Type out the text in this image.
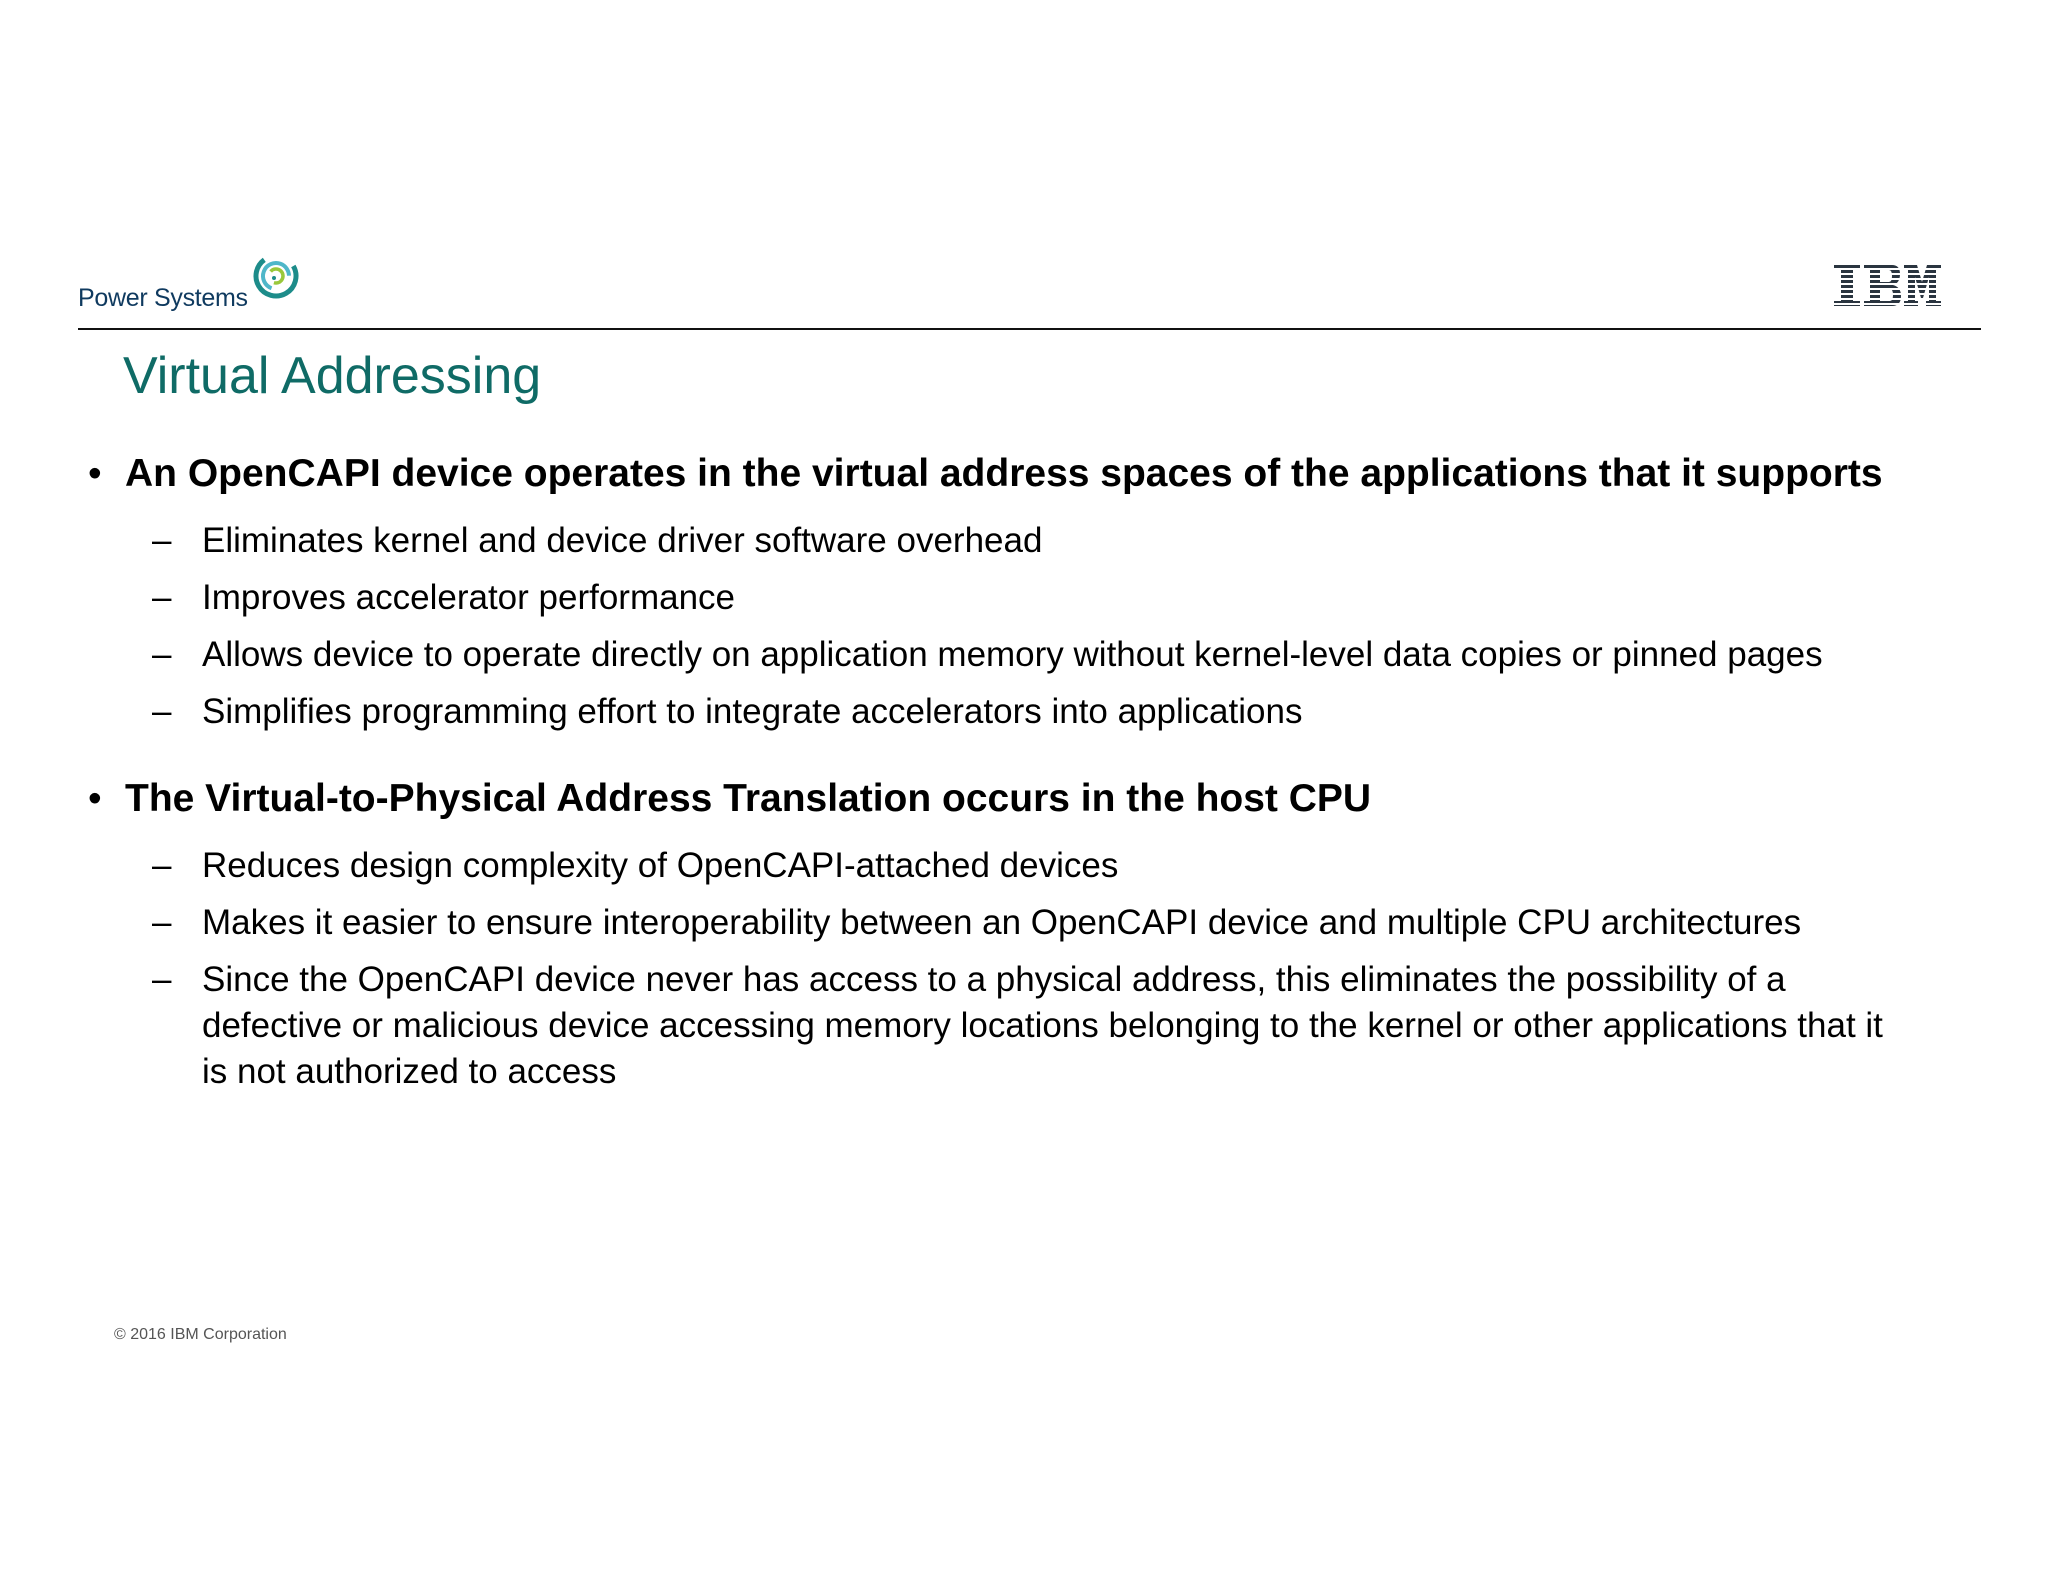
Power Systems
Virtual Addressing
• An OpenCAPI device operates in the virtual address spaces of the applications that it supports
– Eliminates kernel and device driver software overhead
– Improves accelerator performance
– Allows device to operate directly on application memory without kernel-level data copies or pinned pages
– Simplifies programming effort to integrate accelerators into applications
• The Virtual-to-Physical Address Translation occurs in the host CPU
– Reduces design complexity of OpenCAPI-attached devices
– Makes it easier to ensure interoperability between an OpenCAPI device and multiple CPU architectures
– Since the OpenCAPI device never has access to a physical address, this eliminates the possibility of a defective or malicious device accessing memory locations belonging to the kernel or other applications that it is not authorized to access
© 2016 IBM Corporation
